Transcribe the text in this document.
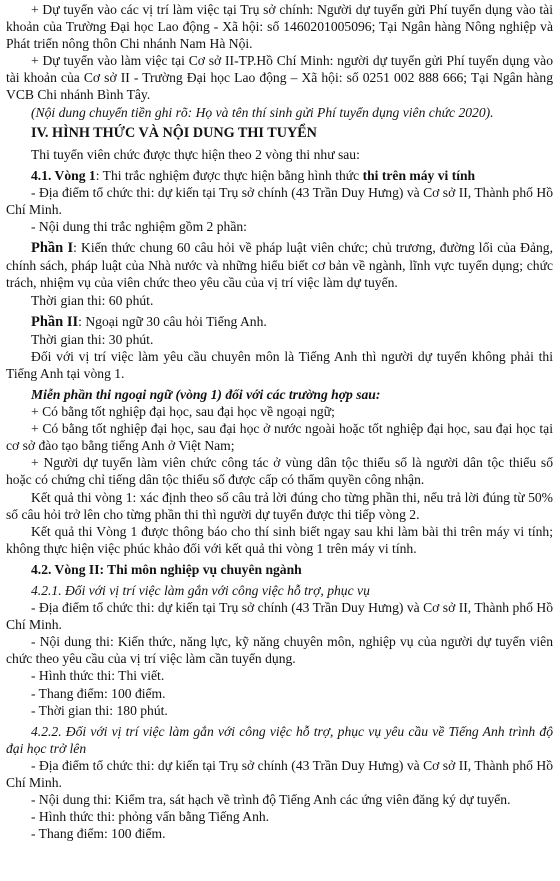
+ Dự tuyển vào các vị trí làm việc tại Trụ sở chính: Người dự tuyển gửi Phí tuyển dụng vào tài khoản của Trường Đại học Lao động - Xã hội: số 1460201005096; Tại Ngân hàng Nông nghiệp và Phát triển nông thôn Chi nhánh Nam Hà Nội.

+ Dự tuyển vào làm việc tại Cơ sở II-TP.Hồ Chí Minh: người dự tuyển gửi Phí tuyển dụng vào tài khoản của Cơ sở II - Trường Đại học Lao động – Xã hội: số 0251 002 888 666; Tại Ngân hàng VCB Chi nhánh Bình Tây.

(Nội dung chuyển tiền ghi rõ: Họ và tên thí sinh gửi Phí tuyển dụng viên chức 2020).

IV. HÌNH THỨC VÀ NỘI DUNG THI TUYỂN

Thi tuyển viên chức được thực hiện theo 2 vòng thi như sau:

4.1. Vòng 1: Thi trắc nghiệm được thực hiện bằng hình thức thi trên máy vi tính

- Địa điểm tổ chức thi: dự kiến tại Trụ sở chính (43 Trần Duy Hưng) và Cơ sở II, Thành phố Hồ Chí Minh.

- Nội dung thi trắc nghiệm gồm 2 phần:

Phần I: Kiến thức chung 60 câu hỏi về pháp luật viên chức; chủ trương, đường lối của Đảng, chính sách, pháp luật của Nhà nước và những hiểu biết cơ bản về ngành, lĩnh vực tuyển dụng; chức trách, nhiệm vụ của viên chức theo yêu cầu của vị trí việc làm dự tuyển.

Thời gian thi: 60 phút.

Phần II: Ngoại ngữ 30 câu hỏi Tiếng Anh.

Thời gian thi: 30 phút.

Đối với vị trí việc làm yêu cầu chuyên môn là Tiếng Anh thì người dự tuyển không phải thi Tiếng Anh tại vòng 1.

Miễn phần thi ngoại ngữ (vòng 1) đối với các trường hợp sau:

+ Có bằng tốt nghiệp đại học, sau đại học về ngoại ngữ;

+ Có bằng tốt nghiệp đại học, sau đại học ở nước ngoài hoặc tốt nghiệp đại học, sau đại học tại cơ sở đào tạo bằng tiếng Anh ở Việt Nam;

+ Người dự tuyển làm viên chức công tác ở vùng dân tộc thiểu số là người dân tộc thiểu số hoặc có chứng chỉ tiếng dân tộc thiểu số được cấp có thẩm quyền công nhận.

Kết quả thi vòng 1: xác định theo số câu trả lời đúng cho từng phần thi, nếu trả lời đúng từ 50% số câu hỏi trở lên cho từng phần thi thì người dự tuyển được thi tiếp vòng 2.

Kết quả thi Vòng 1 được thông báo cho thí sinh biết ngay sau khi làm bài thi trên máy vi tính; không thực hiện việc phúc khảo đối với kết quả thi vòng 1 trên máy vi tính.

4.2. Vòng II: Thi môn nghiệp vụ chuyên ngành

4.2.1. Đối với vị trí việc làm gắn với công việc hỗ trợ, phục vụ

- Địa điểm tổ chức thi: dự kiến tại Trụ sở chính (43 Trần Duy Hưng) và Cơ sở II, Thành phố Hồ Chí Minh.

- Nội dung thi: Kiến thức, năng lực, kỹ năng chuyên môn, nghiệp vụ của người dự tuyển viên chức theo yêu cầu của vị trí việc làm cần tuyển dụng.

- Hình thức thi: Thi viết.

- Thang điểm: 100 điểm.

- Thời gian thi: 180 phút.

4.2.2. Đối với vị trí việc làm gắn với công việc hỗ trợ, phục vụ yêu cầu về Tiếng Anh trình độ đại học trở lên

- Địa điểm tổ chức thi: dự kiến tại Trụ sở chính (43 Trần Duy Hưng) và Cơ sở II, Thành phố Hồ Chí Minh.

- Nội dung thi: Kiểm tra, sát hạch về trình độ Tiếng Anh các ứng viên đăng ký dự tuyển.

- Hình thức thi: phỏng vấn bằng Tiếng Anh.

- Thang điểm: 100 điểm.
